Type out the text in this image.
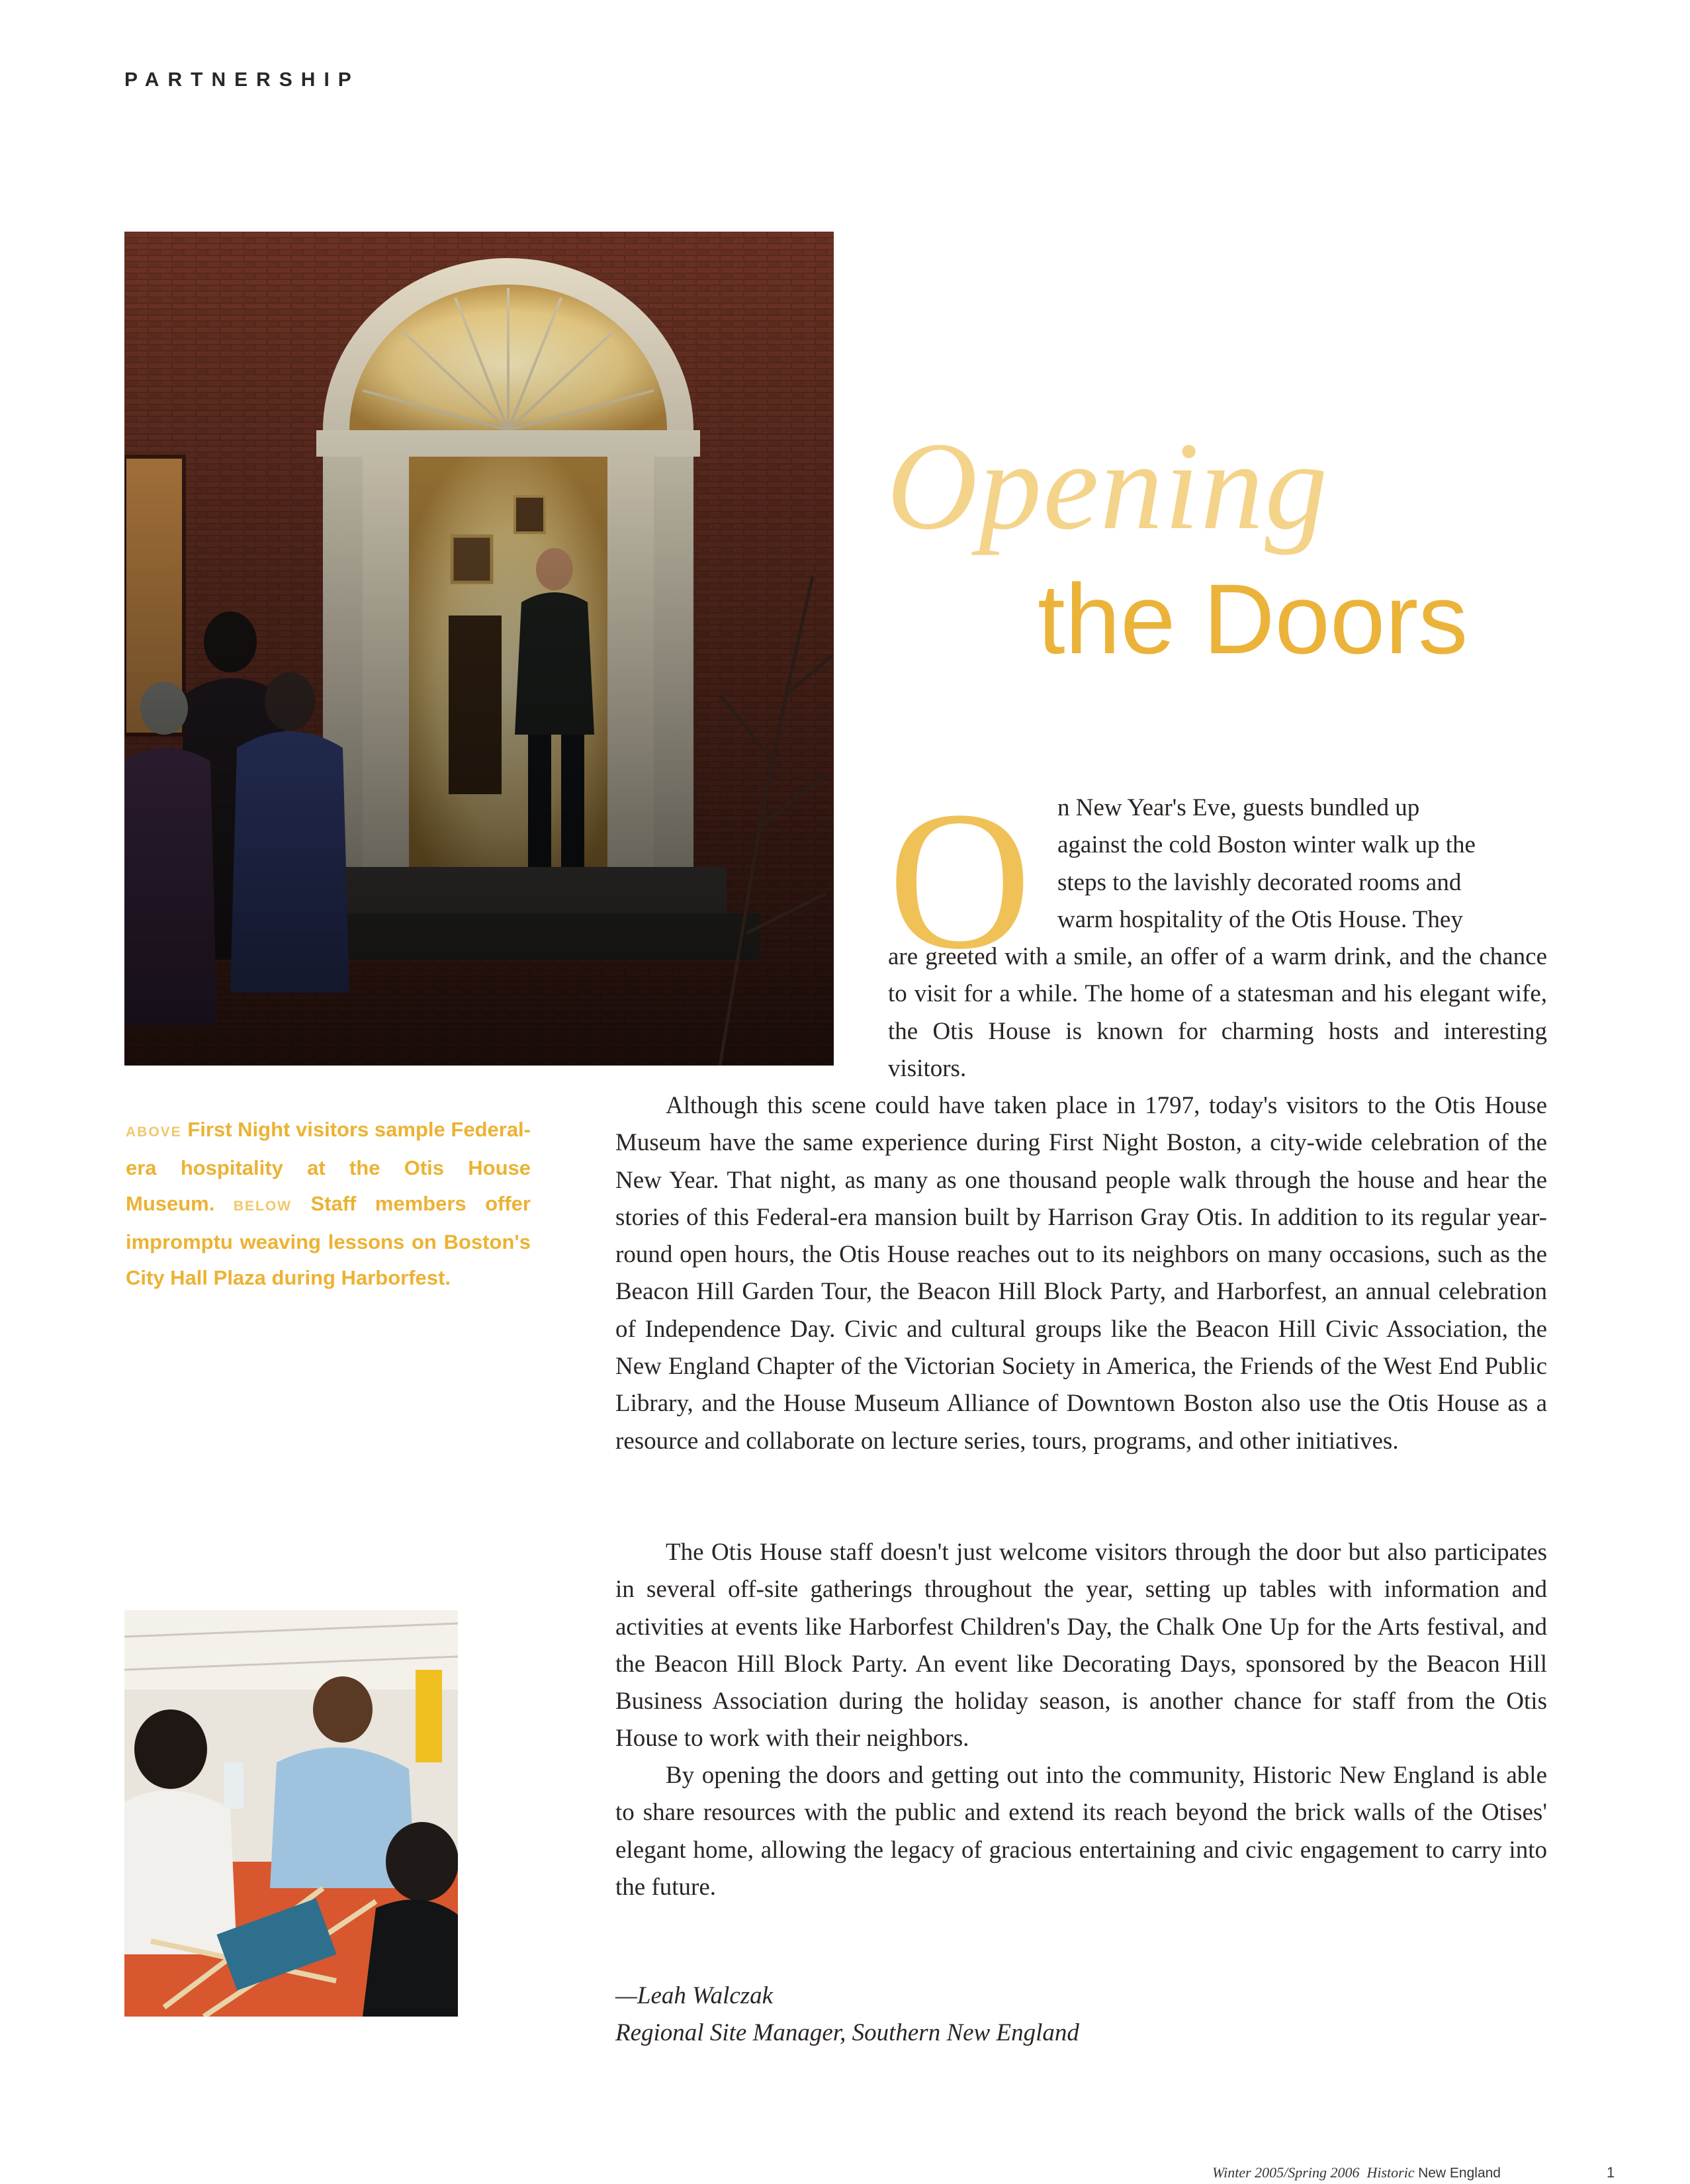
PARTNERSHIP
ABOVE First Night visitors sample Federal-era hospitality at the Otis House Museum. BELOW Staff members offer impromptu weaving lessons on Boston's City Hall Plaza during Harborfest.
Opening
the Doors
O n New Year's Eve, guests bundled up
against the cold Boston winter walk up the
steps to the lavishly decorated rooms and
warm hospitality of the Otis House. They
are greeted with a smile, an offer of a warm drink, and the chance to visit for a while. The home of a statesman and his elegant wife, the Otis House is known for charming hosts and interesting visitors.

Although this scene could have taken place in 1797, today's visitors to the Otis House Museum have the same experience during First Night Boston, a city-wide celebration of the New Year. That night, as many as one thousand people walk through the house and hear the stories of this Federal-era mansion built by Harrison Gray Otis. In addition to its regular year-round open hours, the Otis House reaches out to its neighbors on many occasions, such as the Beacon Hill Garden Tour, the Beacon Hill Block Party, and Harborfest, an annual celebration of Independence Day. Civic and cultural groups like the Beacon Hill Civic Association, the New England Chapter of the Victorian Society in America, the Friends of the West End Public Library, and the House Museum Alliance of Downtown Boston also use the Otis House as a resource and collaborate on lecture series, tours, programs, and other initiatives.

The Otis House staff doesn't just welcome visitors through the door but also participates in several off-site gatherings throughout the year, setting up tables with information and activities at events like Harborfest Children's Day, the Chalk One Up for the Arts festival, and the Beacon Hill Block Party. An event like Decorating Days, sponsored by the Beacon Hill Business Association during the holiday season, is another chance for staff from the Otis House to work with their neighbors.

By opening the doors and getting out into the community, Historic New England is able to share resources with the public and extend its reach beyond the brick walls of the Otises' elegant home, allowing the legacy of gracious entertaining and civic engagement to carry into the future.

—Leah Walczak
Regional Site Manager, Southern New England
Winter 2005/Spring 2006 Historic New England	1
